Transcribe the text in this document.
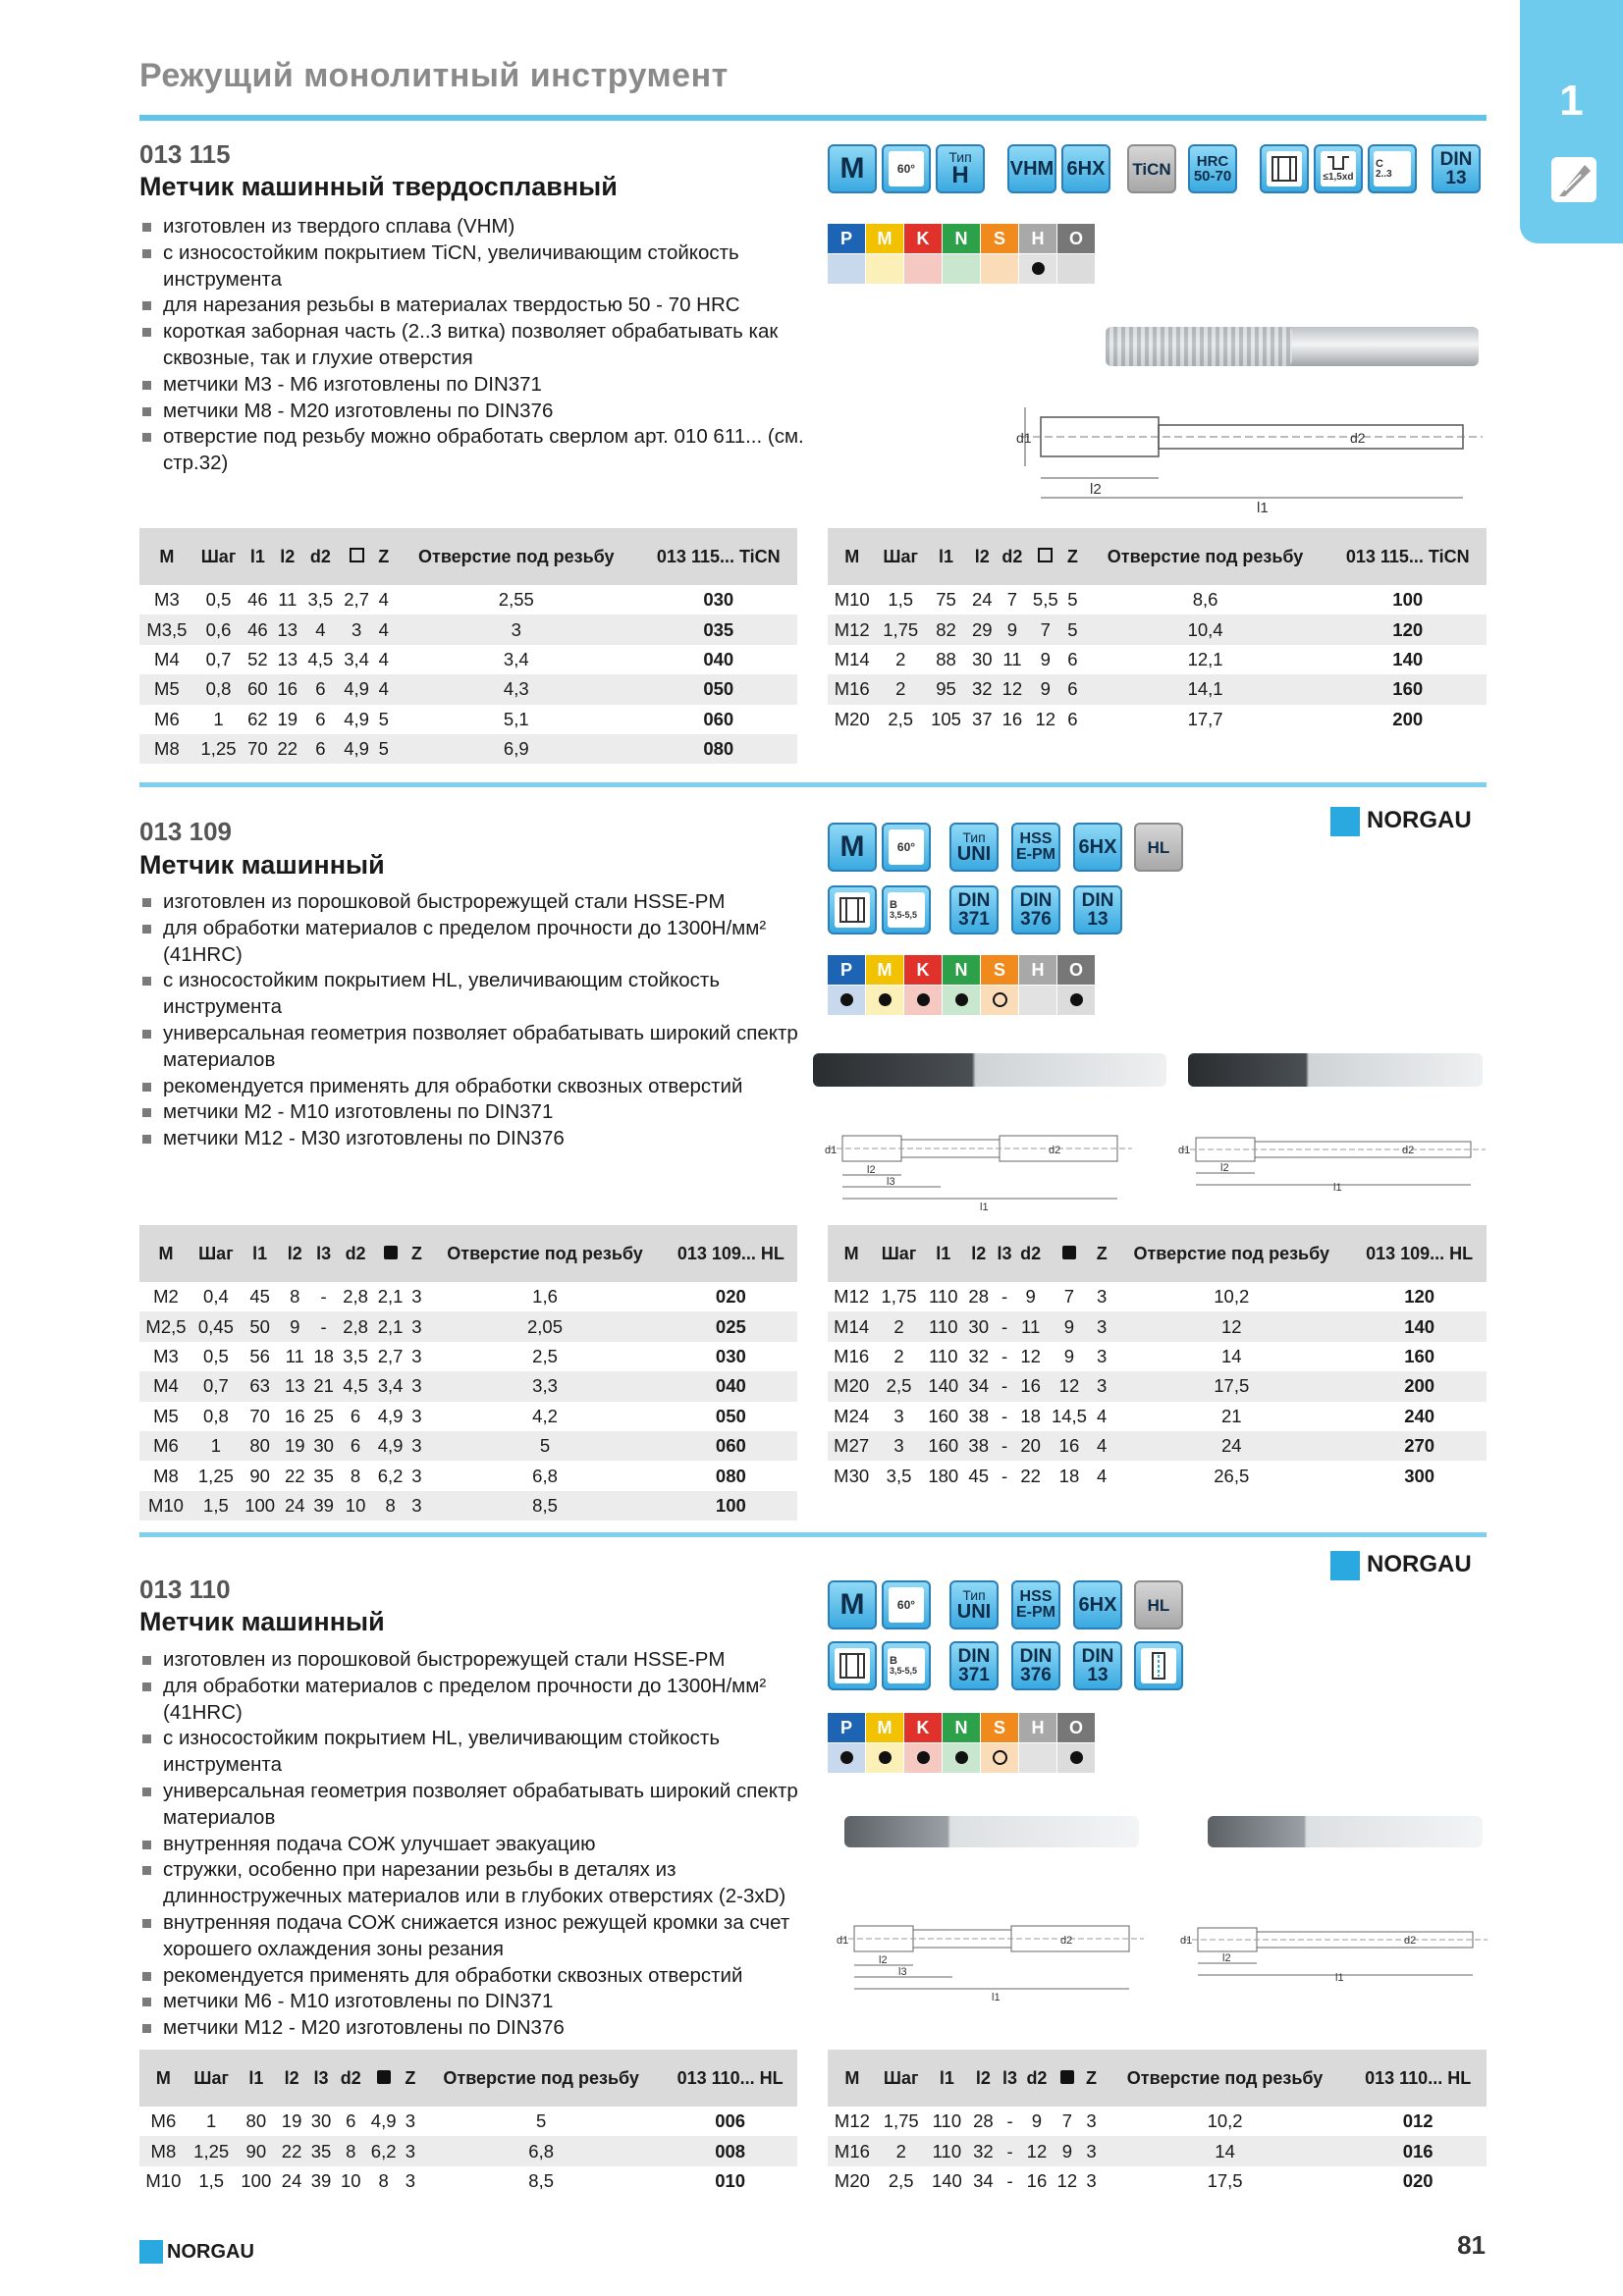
Режущий монолитный инструмент
1
013 115
Метчик машинный твердосплавный
изготовлен из твердого сплава (VHM)
с износостойким покрытием TiCN, увеличивающим стойкость инструмента
для нарезания резьбы в материалах твердостью 50 - 70 HRC
короткая заборная часть (2..3 витка) позволяет обрабатывать как сквозные, так и глухие отверстия
метчики М3 - М6 изготовлены по DIN371
метчики М8 - М20 изготовлены по DIN376
отверстие под резьбу можно обработать сверлом арт. 010 611... (см. стр.32)
M	60°
Тип
H VHM 6HX TiCN HRC
50-70	≤1,5xd
C
2..3
DIN
13
P	M	K	N	S	H	O
d1	d2
l2
l1
M	Шаг	l1	l2	d2		Z	Отверстие под резьбу	013 115... TiCN
M3	0,5	46	11	3,5	2,7	4	2,55	030
M3,5	0,6	46	13	4	3	4	3	035
M4	0,7	52	13	4,5	3,4	4	3,4	040
M5	0,8	60	16	6	4,9	4	4,3	050
M6	1	62	19	6	4,9	5	5,1	060
M8	1,25	70	22	6	4,9	5	6,9	080
M	Шаг	l1	l2	d2		Z	Отверстие под резьбу	013 115... TiCN
M10	1,5	75	24	7	5,5	5	8,6	100
M12	1,75	82	29	9	7	5	10,4	120
M14	2	88	30	11	9	6	12,1	140
M16	2	95	32	12	9	6	14,1	160
M20	2,5	105	37	16	12	6	17,7	200
013 109
Метчик машинный
изготовлен из порошковой быстрорежущей стали HSSE-PM
для обработки материалов с пределом прочности до 1300Н/мм² (41HRC)
с износостойким покрытием HL, увеличивающим стойкость инструмента
универсальная геометрия позволяет обрабатывать широкий спектр материалов
рекомендуется применять для обработки сквозных отверстий
метчики М2 - М10 изготовлены по DIN371
метчики М12 - М30 изготовлены по DIN376
M	60°
Тип
UNI
HSS
E-PM 6HX HL
B
3,5-5,5
DIN
371
DIN
376
DIN
13
P	M	K	N	S	H	O
NORGAU
d1	d2
l2
l3
l1
d1	d2
l2
l1
M	Шаг	l1	l2	l3	d2		Z	Отверстие под резьбу	013 109... HL
M2	0,4	45	8	-	2,8	2,1	3	1,6	020
M2,5	0,45	50	9	-	2,8	2,1	3	2,05	025
M3	0,5	56	11	18	3,5	2,7	3	2,5	030
M4	0,7	63	13	21	4,5	3,4	3	3,3	040
M5	0,8	70	16	25	6	4,9	3	4,2	050
M6	1	80	19	30	6	4,9	3	5	060
M8	1,25	90	22	35	8	6,2	3	6,8	080
M10	1,5	100	24	39	10	8	3	8,5	100
M	Шаг	l1	l2	l3	d2		Z	Отверстие под резьбу	013 109... HL
M12	1,75	110	28	-	9	7	3	10,2	120
M14	2	110	30	-	11	9	3	12	140
M16	2	110	32	-	12	9	3	14	160
M20	2,5	140	34	-	16	12	3	17,5	200
M24	3	160	38	-	18	14,5	4	21	240
M27	3	160	38	-	20	16	4	24	270
M30	3,5	180	45	-	22	18	4	26,5	300
013 110
Метчик машинный
изготовлен из порошковой быстрорежущей стали HSSE-PM
для обработки материалов с пределом прочности до 1300Н/мм² (41HRC)
с износостойким покрытием HL, увеличивающим стойкость инструмента
универсальная геометрия позволяет обрабатывать широкий спектр материалов
внутренняя подача СОЖ улучшает эвакуацию
стружки, особенно при нарезании резьбы в деталях из длинностружечных материалов или в глубоких отверстиях (2-3xD)
внутренняя подача СОЖ снижается износ режущей кромки за счет хорошего охлаждения зоны резания
рекомендуется применять для обработки сквозных отверстий
метчики М6 - М10 изготовлены по DIN371
метчики М12 - М20 изготовлены по DIN376
M	60°
Тип
UNI
HSS
E-PM 6HX HL
B
3,5-5,5
DIN
371
DIN
376
DIN
13
P	M	K	N	S	H	O
NORGAU
d1	d2
l2
l3
l1
d1	d2
l2
l1
M	Шаг	l1	l2	l3	d2		Z	Отверстие под резьбу	013 110... HL
M6	1	80	19	30	6	4,9	3	5	006
M8	1,25	90	22	35	8	6,2	3	6,8	008
M10	1,5	100	24	39	10	8	3	8,5	010
M	Шаг	l1	l2	l3	d2		Z	Отверстие под резьбу	013 110... HL
M12	1,75	110	28	-	9	7	3	10,2	012
M16	2	110	32	-	12	9	3	14	016
M20	2,5	140	34	-	16	12	3	17,5	020
NORGAU	81
